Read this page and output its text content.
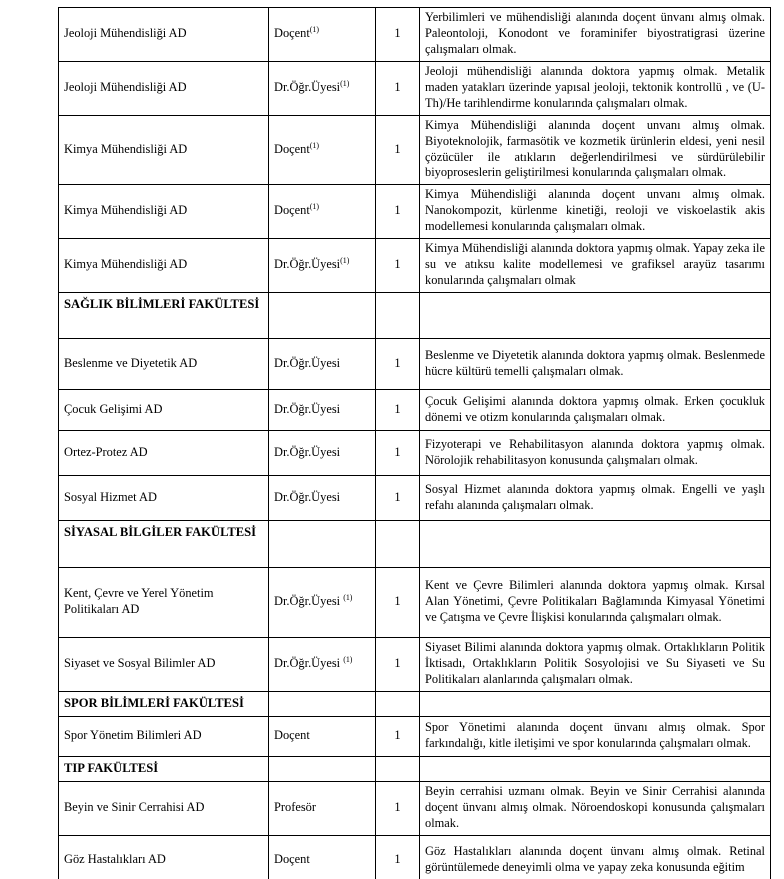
Jeoloji Mühendisliği AD	Doçent$^{(1)}$	1	Yerbilimleri ve mühendisliği alanında doçent ünvanı almış olmak. Paleontoloji, Konodont ve foraminifer biyostratigrasi üzerine çalışmaları olmak.
Jeoloji Mühendisliği AD	Dr.Öğr.Üyesi$^{(1)}$	1	Jeoloji mühendisliği alanında doktora yapmış olmak. Metalik maden yatakları üzerinde yapısal jeoloji, tektonik kontrollü , ve (U-Th)/He tarihlendirme konularında çalışmaları olmak.
Kimya Mühendisliği AD	Doçent$^{(1)}$	1	Kimya Mühendisliği alanında doçent unvanı almış olmak. Biyoteknolojik, farmasötik ve kozmetik ürünlerin eldesi, yeni nesil çözücüler ile atıkların değerlendirilmesi ve sürdürülebilir biyoproseslerin geliştirilmesi konularında çalışmaları olmak.
Kimya Mühendisliği AD	Doçent$^{(1)}$	1	Kimya Mühendisliği alanında doçent unvanı almış olmak. Nanokompozit, kürlenme kinetiği, reoloji ve viskoelastik akis modellemesi konularında çalışmaları olmak.
Kimya Mühendisliği AD	Dr.Öğr.Üyesi$^{(1)}$	1	Kimya Mühendisliği alanında doktora yapmış olmak. Yapay zeka ile su ve atıksu kalite modellemesi ve grafiksel arayüz tasarımı konularında çalışmaları olmak
SAĞLIK BİLİMLERİ FAKÜLTESİ			
Beslenme ve Diyetetik AD	Dr.Öğr.Üyesi	1	Beslenme ve Diyetetik alanında doktora yapmış olmak. Beslenmede hücre kültürü temelli çalışmaları olmak.
Çocuk Gelişimi AD	Dr.Öğr.Üyesi	1	Çocuk Gelişimi alanında doktora yapmış olmak. Erken çocukluk dönemi ve otizm konularında çalışmaları olmak.
Ortez-Protez AD	Dr.Öğr.Üyesi	1	Fizyoterapi ve Rehabilitasyon alanında doktora yapmış olmak. Nörolojik rehabilitasyon konusunda çalışmaları olmak.
Sosyal Hizmet AD	Dr.Öğr.Üyesi	1	Sosyal Hizmet alanında doktora yapmış olmak. Engelli ve yaşlı refahı alanında çalışmaları olmak.
SİYASAL BİLGİLER FAKÜLTESİ			
Kent, Çevre ve Yerel Yönetim Politikaları AD	Dr.Öğr.Üyesi $^{(1)}$	1	Kent ve Çevre Bilimleri alanında doktora yapmış olmak. Kırsal Alan Yönetimi, Çevre Politikaları Bağlamında Kimyasal Yönetimi ve Çatışma ve Çevre İlişkisi konularında çalışmaları olmak.
Siyaset ve Sosyal Bilimler AD	Dr.Öğr.Üyesi $^{(1)}$	1	Siyaset Bilimi alanında doktora yapmış olmak. Ortaklıkların Politik İktisadı, Ortaklıkların Politik Sosyolojisi ve Su Siyaseti ve Su Politikaları alanlarında çalışmaları olmak.
SPOR BİLİMLERİ FAKÜLTESİ			
Spor Yönetim Bilimleri AD	Doçent	1	Spor Yönetimi alanında doçent ünvanı almış olmak. Spor farkındalığı, kitle iletişimi ve spor konularında çalışmaları olmak.
TIP FAKÜLTESİ			
Beyin ve Sinir Cerrahisi AD	Profesör	1	Beyin cerrahisi uzmanı olmak. Beyin ve Sinir Cerrahisi alanında doçent ünvanı almış olmak. Nöroendoskopi konusunda çalışmaları olmak.
Göz Hastalıkları AD	Doçent	1	Göz Hastalıkları alanında doçent ünvanı almış olmak. Retinal görüntülemede deneyimli olma ve yapay zeka konusunda eğitim
